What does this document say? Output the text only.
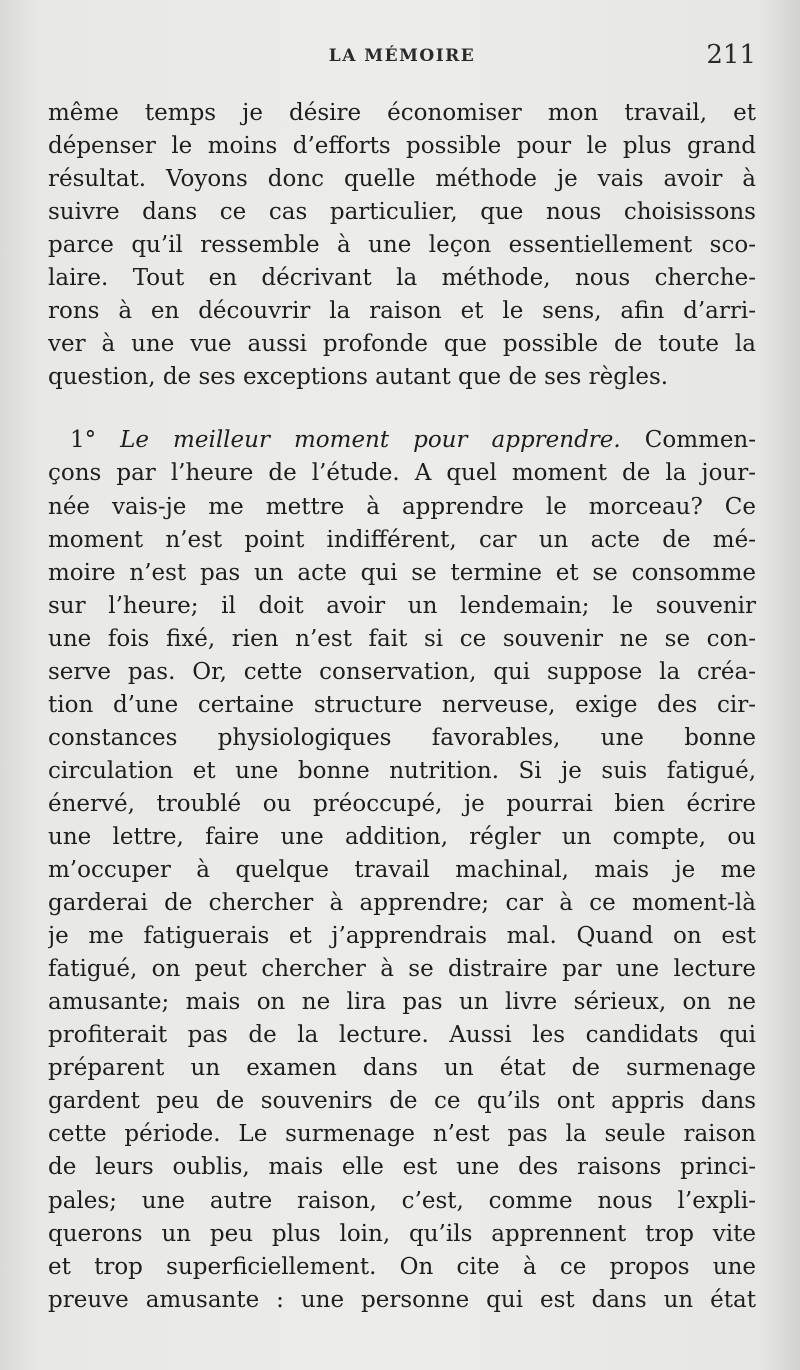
LA MÉMOIRE	211
même temps je désire économiser mon travail, et
dépenser le moins d’efforts possible pour le plus grand
résultat. Voyons donc quelle méthode je vais avoir à
suivre dans ce cas particulier, que nous choisissons
parce qu’il ressemble à une leçon essentiellement sco-
laire. Tout en décrivant la méthode, nous cherche-
rons à en découvrir la raison et le sens, afin d’arri-
ver à une vue aussi profonde que possible de toute la
question, de ses exceptions autant que de ses règles.
1° Le meilleur moment pour apprendre. Commen-
çons par l’heure de l’étude. A quel moment de la jour-
née vais-je me mettre à apprendre le morceau? Ce
moment n’est point indifférent, car un acte de mé-
moire n’est pas un acte qui se termine et se consomme
sur l’heure; il doit avoir un lendemain; le souvenir
une fois fixé, rien n’est fait si ce souvenir ne se con-
serve pas. Or, cette conservation, qui suppose la créa-
tion d’une certaine structure nerveuse, exige des cir-
constances physiologiques favorables, une bonne
circulation et une bonne nutrition. Si je suis fatigué,
énervé, troublé ou préoccupé, je pourrai bien écrire
une lettre, faire une addition, régler un compte, ou
m’occuper à quelque travail machinal, mais je me
garderai de chercher à apprendre; car à ce moment-là
je me fatiguerais et j’apprendrais mal. Quand on est
fatigué, on peut chercher à se distraire par une lecture
amusante; mais on ne lira pas un livre sérieux, on ne
profiterait pas de la lecture. Aussi les candidats qui
préparent un examen dans un état de surmenage
gardent peu de souvenirs de ce qu’ils ont appris dans
cette période. Le surmenage n’est pas la seule raison
de leurs oublis, mais elle est une des raisons princi-
pales; une autre raison, c’est, comme nous l’expli-
querons un peu plus loin, qu’ils apprennent trop vite
et trop superficiellement. On cite à ce propos une
preuve amusante : une personne qui est dans un état
